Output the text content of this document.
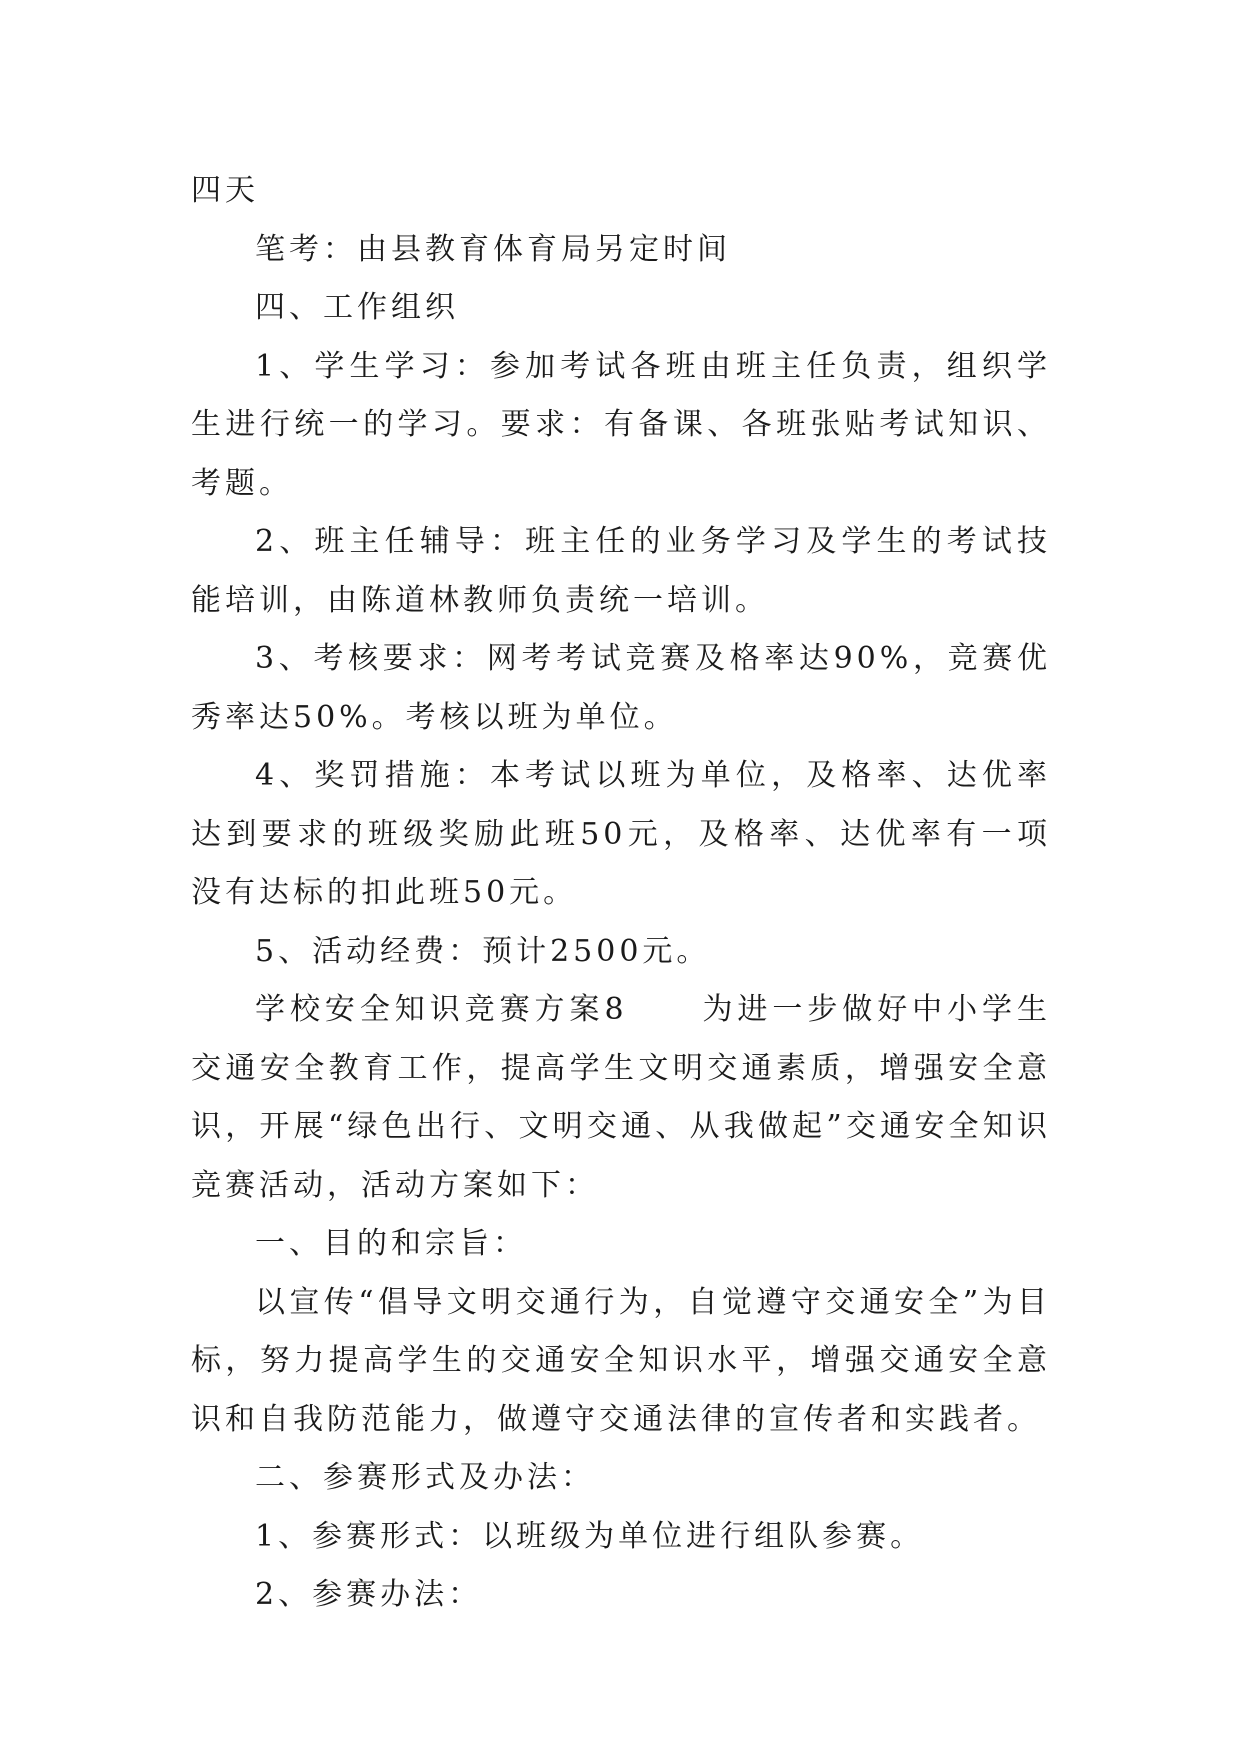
四天

笔考：由县教育体育局另定时间

四、工作组织

1、学生学习：参加考试各班由班主任负责，组织学生进行统一的学习。要求：有备课、各班张贴考试知识、考题。

2、班主任辅导：班主任的业务学习及学生的考试技能培训，由陈道林教师负责统一培训。

3、考核要求：网考考试竞赛及格率达90%，竞赛优秀率达50%。考核以班为单位。

4、奖罚措施：本考试以班为单位，及格率、达优率达到要求的班级奖励此班50元，及格率、达优率有一项没有达标的扣此班50元。

5、活动经费：预计2500元。

学校安全知识竞赛方案8 为进一步做好中小学生交通安全教育工作，提高学生文明交通素质，增强安全意识，开展“绿色出行、文明交通、从我做起”交通安全知识竞赛活动，活动方案如下：

一、目的和宗旨：

以宣传“倡导文明交通行为，自觉遵守交通安全”为目标，努力提高学生的交通安全知识水平，增强交通安全意识和自我防范能力，做遵守交通法律的宣传者和实践者。

二、参赛形式及办法：

1、参赛形式：以班级为单位进行组队参赛。

2、参赛办法：
